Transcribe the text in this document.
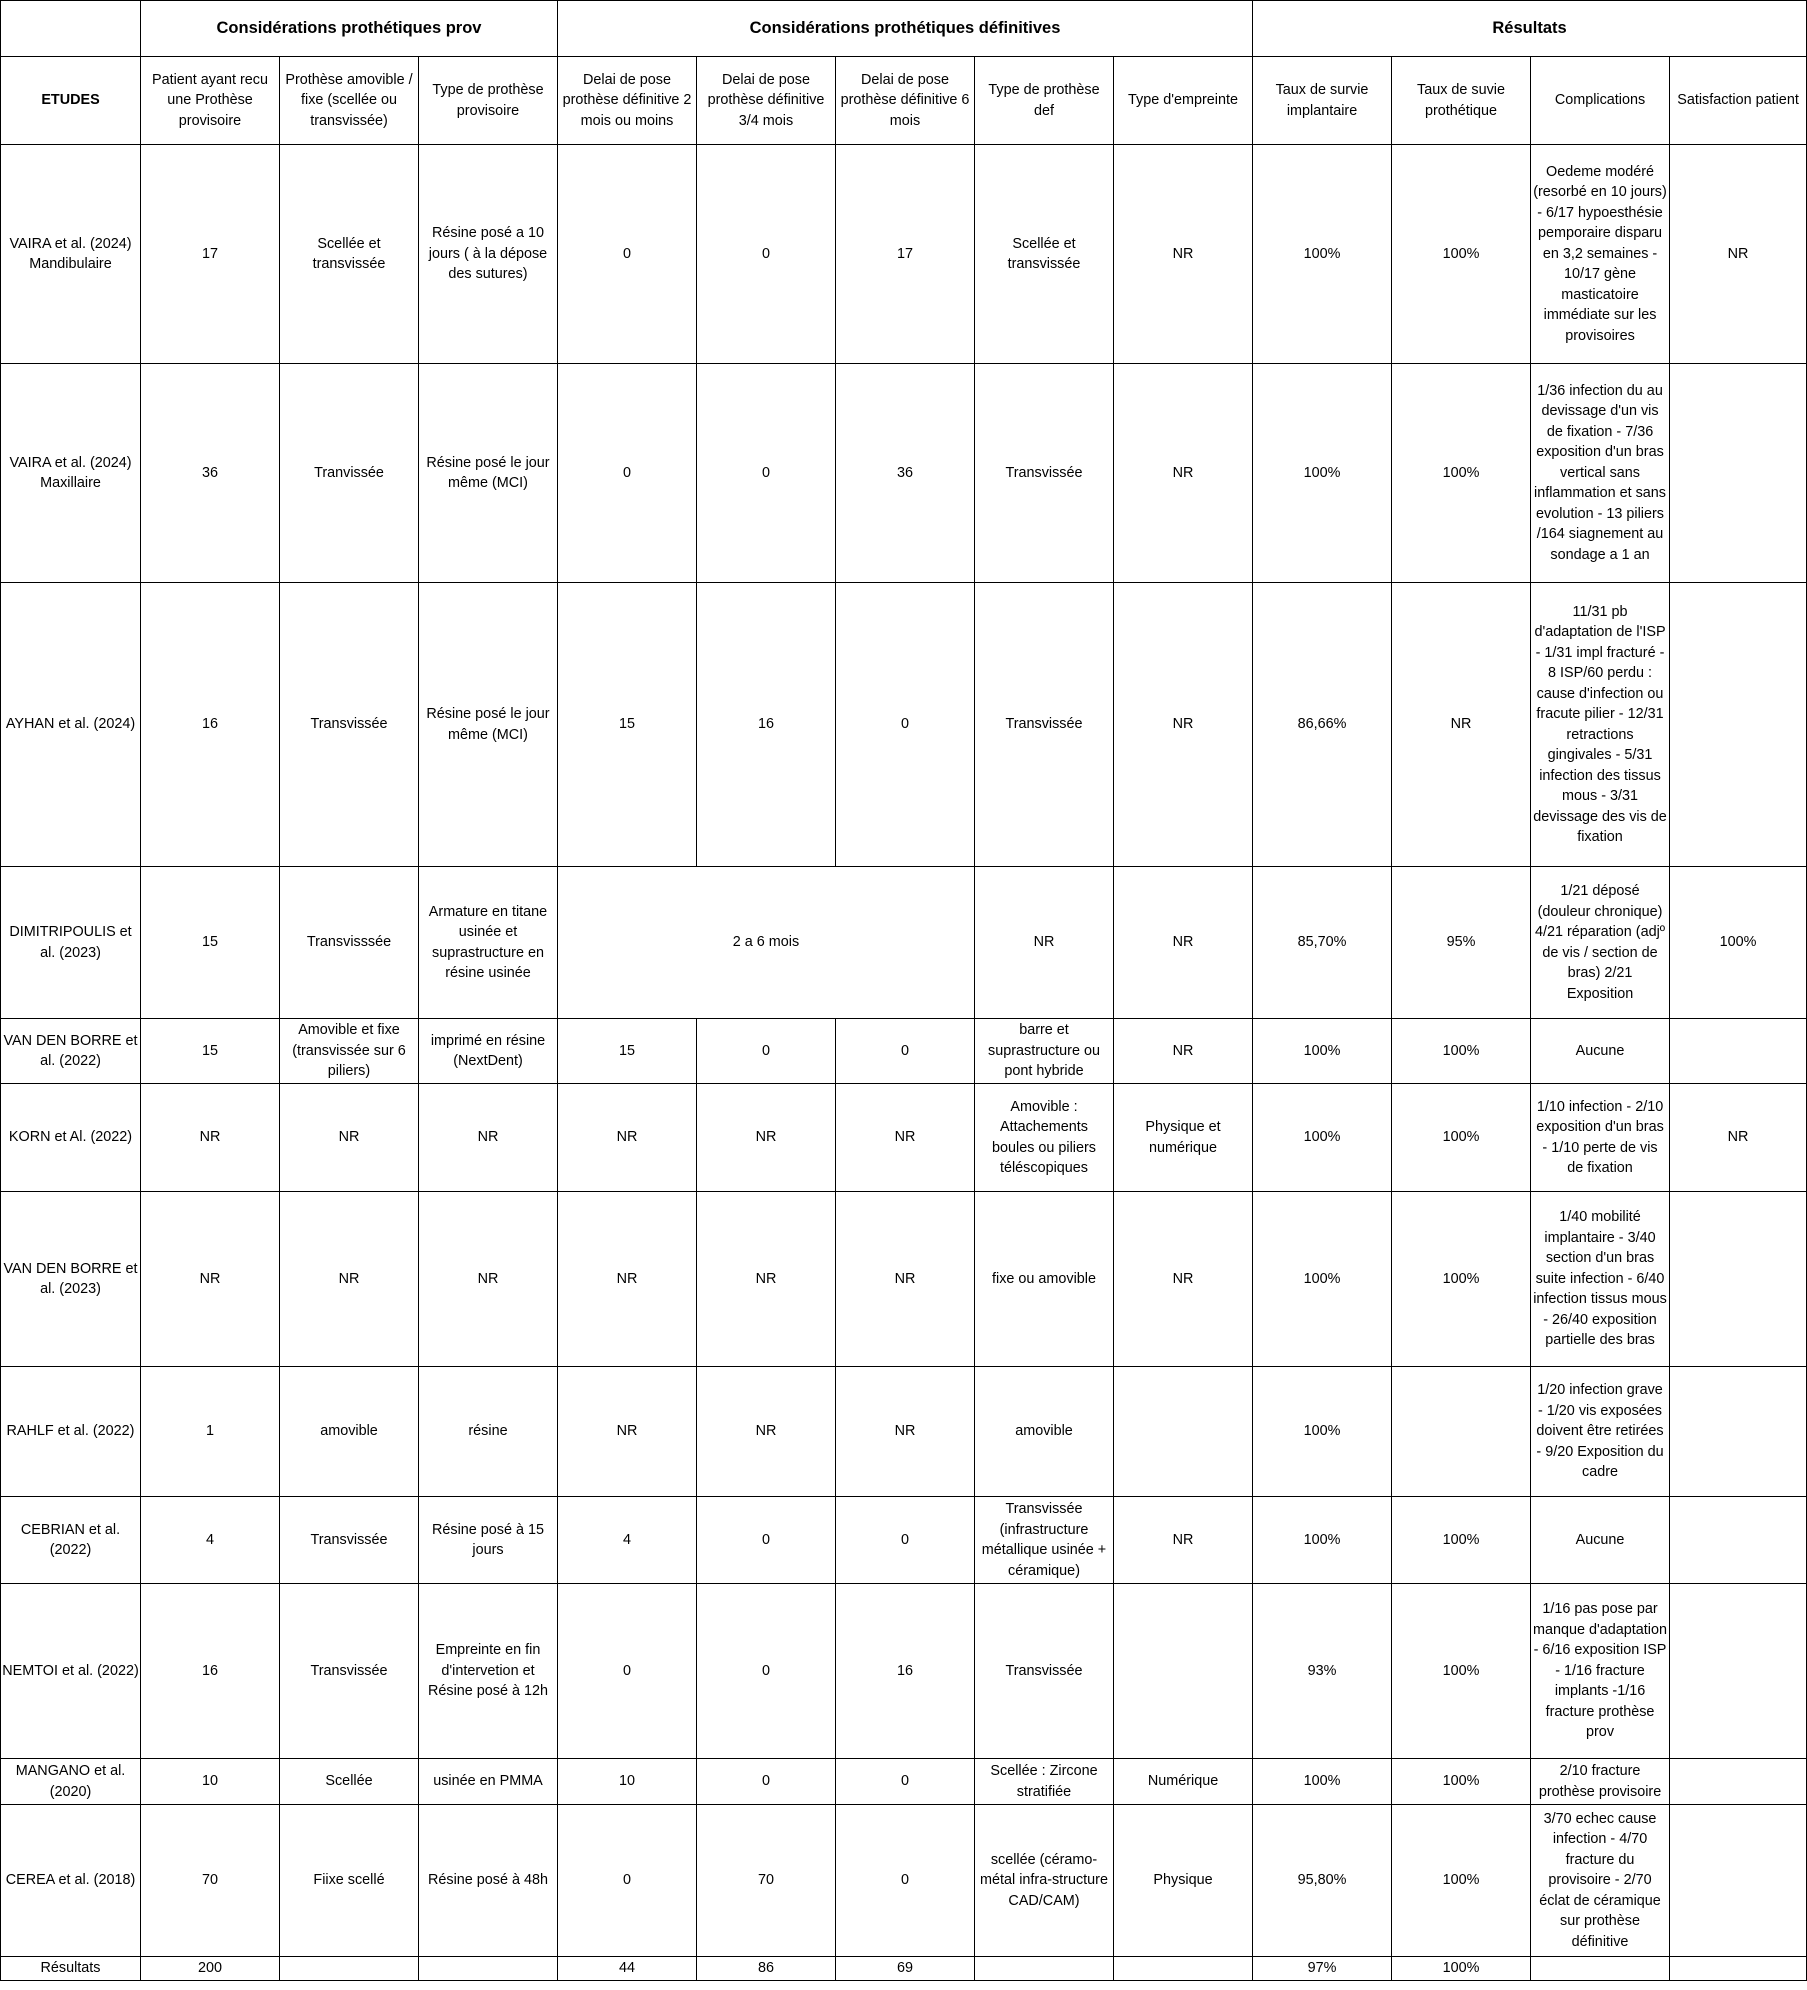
	Considérations prothétiques prov			Considérations prothétiques définitives					Résultats			
ETUDES	Patient ayant recu une Prothèse provisoire	Prothèse amovible / fixe (scellée ou transvissée)	Type de prothèse provisoire	Delai de pose prothèse définitive 2 mois ou moins	Delai de pose prothèse définitive 3/4 mois	Delai de pose prothèse définitive 6 mois	Type de prothèse def	Type d'empreinte	Taux de survie implantaire	Taux de suvie prothétique	Complications	Satisfaction patient
VAIRA et al. (2024) Mandibulaire	17	Scellée et transvissée	Résine posé a 10 jours ( à la dépose des sutures)	0	0	17	Scellée et transvissée	NR	100%	100%	Oedeme modéré (resorbé en 10 jours) - 6/17 hypoesthésie pemporaire disparu en 3,2 semaines - 10/17 gène masticatoire immédiate sur les provisoires	NR
VAIRA et al. (2024) Maxillaire	36	Tranvissée	Résine posé le jour même (MCI)	0	0	36	Transvissée	NR	100%	100%	1/36 infection du au devissage d'un vis de fixation - 7/36 exposition d'un bras vertical sans inflammation et sans evolution - 13 piliers /164 siagnement au sondage a 1 an	
AYHAN et al. (2024)	16	Transvissée	Résine posé le jour même (MCI)	15	16	0	Transvissée	NR	86,66%	NR	11/31 pb d'adaptation de l'ISP - 1/31 impl fracturé - 8 ISP/60 perdu : cause d'infection ou fracute pilier - 12/31 retractions gingivales - 5/31 infection des tissus mous - 3/31 devissage des vis de fixation	
DIMITRIPOULIS et al. (2023)	15	Transvisssée	Armature en titane usinée et suprastructure en résine usinée	2 a 6 mois			NR	NR	85,70%	95%	1/21 déposé (douleur chronique) 4/21 réparation (adjº de vis / section de bras) 2/21 Exposition	100%
VAN DEN BORRE et al. (2022)	15	Amovible et fixe (transvissée sur 6 piliers)	imprimé en résine (NextDent)	15	0	0	barre et suprastructure ou pont hybride	NR	100%	100%	Aucune	
KORN et Al. (2022)	NR	NR	NR	NR	NR	NR	Amovible : Attachements boules ou piliers téléscopiques	Physique et numérique	100%	100%	1/10 infection - 2/10 exposition d'un bras - 1/10 perte de vis de fixation	NR
VAN DEN BORRE et al. (2023)	NR	NR	NR	NR	NR	NR	fixe ou amovible	NR	100%	100%	1/40 mobilité implantaire - 3/40 section d'un bras suite infection - 6/40 infection tissus mous - 26/40 exposition partielle des bras	
RAHLF et al. (2022)	1	amovible	résine	NR	NR	NR	amovible		100%		1/20 infection grave - 1/20 vis exposées doivent être retirées - 9/20 Exposition du cadre	
CEBRIAN et al. (2022)	4	Transvissée	Résine posé à 15 jours	4	0	0	Transvissée (infrastructure métallique usinée + céramique)	NR	100%	100%	Aucune	
NEMTOI et al. (2022)	16	Transvissée	Empreinte en fin d'intervetion et Résine posé à 12h	0	0	16	Transvissée		93%	100%	1/16 pas pose par manque d'adaptation - 6/16 exposition ISP - 1/16 fracture implants -1/16 fracture prothèse prov	
MANGANO et al. (2020)	10	Scellée	usinée en PMMA	10	0	0	Scellée : Zircone stratifiée	Numérique	100%	100%	2/10 fracture prothèse provisoire	
CEREA et al. (2018)	70	Fiixe scellé	Résine posé à 48h	0	70	0	scellée (céramo-métal infra-structure CAD/CAM)	Physique	95,80%	100%	3/70 echec cause infection - 4/70 fracture du provisoire - 2/70 éclat de céramique sur prothèse définitive	
Résultats	200			44	86	69			97%	100%		
